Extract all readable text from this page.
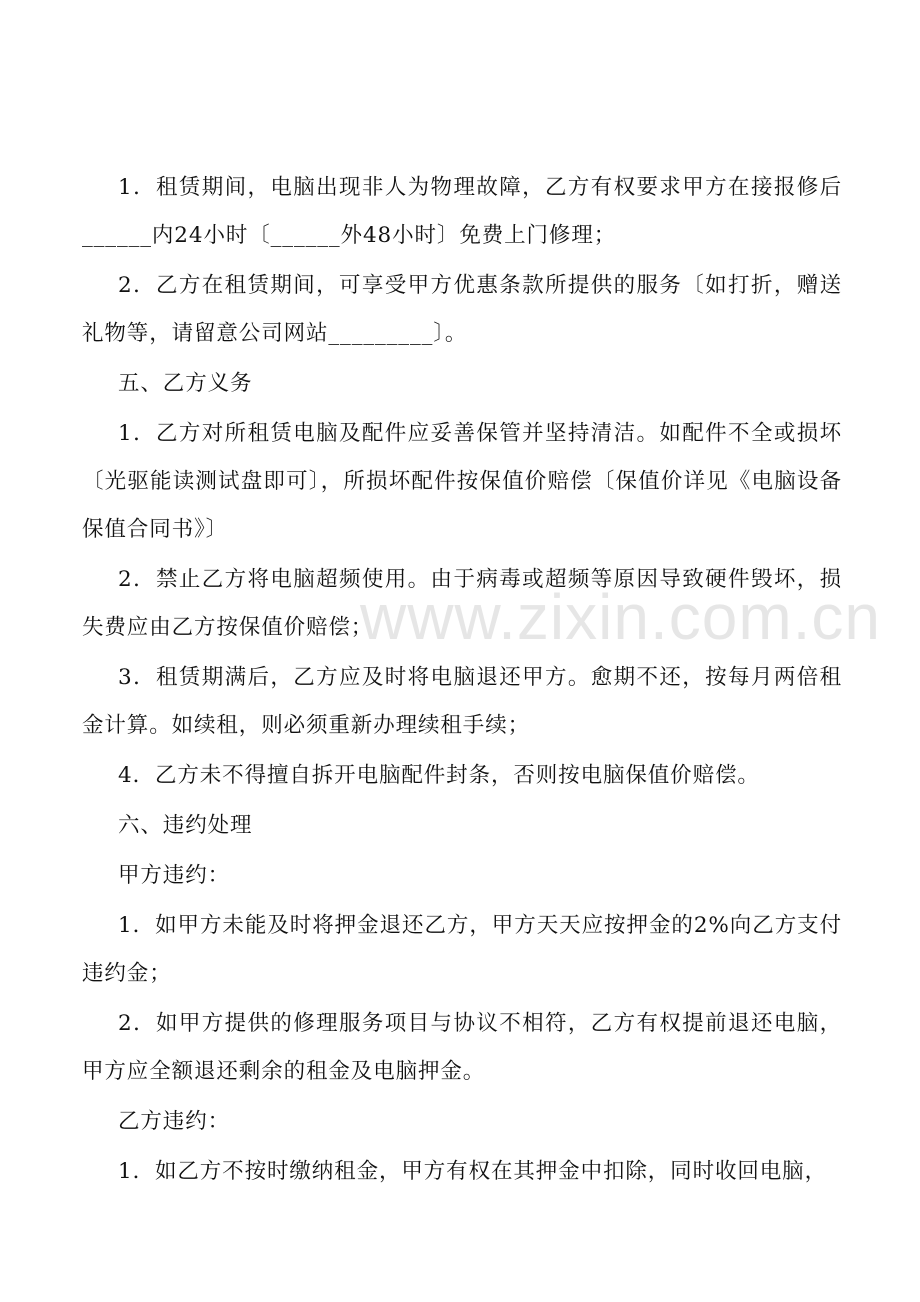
www.zixin.com.cn

1．租赁期间，电脑出现非人为物理故障，乙方有权要求甲方在接报修后______内24小时〔______外48小时〕免费上门修理；

2．乙方在租赁期间，可享受甲方优惠条款所提供的服务〔如打折，赠送礼物等，请留意公司网站_________〕。

五、乙方义务

1．乙方对所租赁电脑及配件应妥善保管并坚持清洁。如配件不全或损坏〔光驱能读测试盘即可〕，所损坏配件按保值价赔偿〔保值价详见《电脑设备保值合同书》〕

2．禁止乙方将电脑超频使用。由于病毒或超频等原因导致硬件毁坏，损失费应由乙方按保值价赔偿；

3．租赁期满后，乙方应及时将电脑退还甲方。愈期不还，按每月两倍租金计算。如续租，则必须重新办理续租手续；

4．乙方未不得擅自拆开电脑配件封条，否则按电脑保值价赔偿。

六、违约处理

甲方违约：

1．如甲方未能及时将押金退还乙方，甲方天天应按押金的2%向乙方支付违约金；

2．如甲方提供的修理服务项目与协议不相符，乙方有权提前退还电脑，甲方应全额退还剩余的租金及电脑押金。

乙方违约：

1．如乙方不按时缴纳租金，甲方有权在其押金中扣除，同时收回电脑，
